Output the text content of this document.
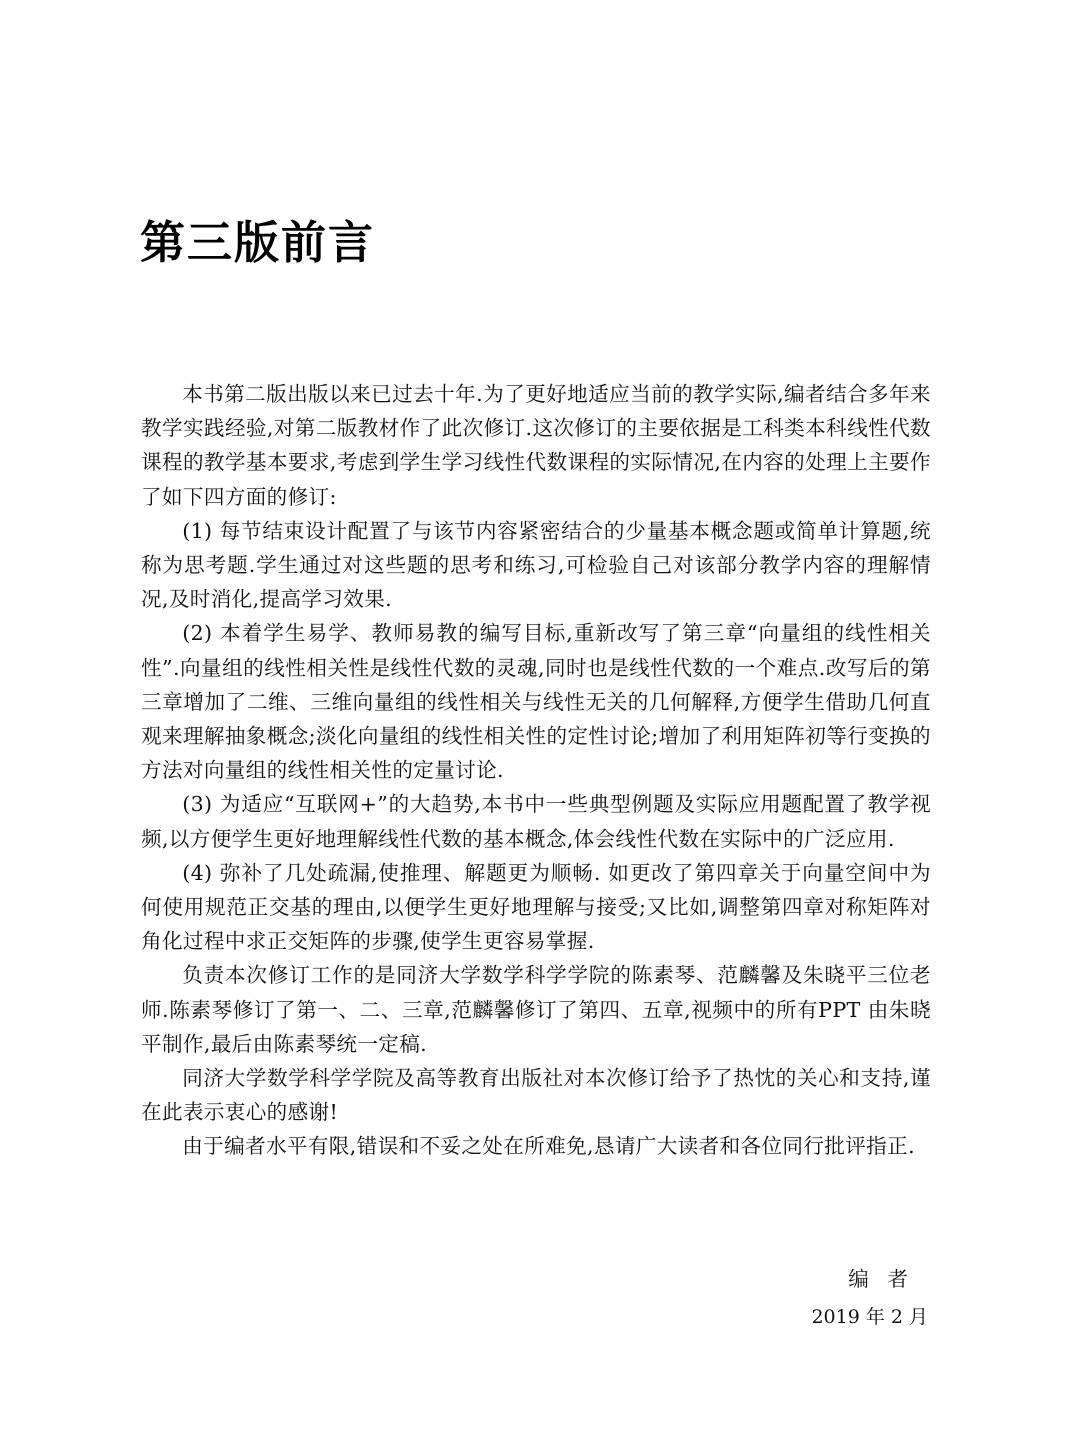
第三版前言

本书第二版出版以来已过去十年.为了更好地适应当前的教学实际,编者结合多年来教学实践经验,对第二版教材作了此次修订.这次修订的主要依据是工科类本科线性代数课程的教学基本要求,考虑到学生学习线性代数课程的实际情况,在内容的处理上主要作了如下四方面的修订:

(1) 每节结束设计配置了与该节内容紧密结合的少量基本概念题或简单计算题,统称为思考题.学生通过对这些题的思考和练习,可检验自己对该部分教学内容的理解情况,及时消化,提高学习效果.

(2) 本着学生易学、教师易教的编写目标,重新改写了第三章“向量组的线性相关性”.向量组的线性相关性是线性代数的灵魂,同时也是线性代数的一个难点.改写后的第三章增加了二维、三维向量组的线性相关与线性无关的几何解释,方便学生借助几何直观来理解抽象概念;淡化向量组的线性相关性的定性讨论;增加了利用矩阵初等行变换的方法对向量组的线性相关性的定量讨论.

(3) 为适应“互联网+”的大趋势,本书中一些典型例题及实际应用题配置了教学视频,以方便学生更好地理解线性代数的基本概念,体会线性代数在实际中的广泛应用.

(4) 弥补了几处疏漏,使推理、解题更为顺畅. 如更改了第四章关于向量空间中为何使用规范正交基的理由,以便学生更好地理解与接受;又比如,调整第四章对称矩阵对角化过程中求正交矩阵的步骤,使学生更容易掌握.

负责本次修订工作的是同济大学数学科学学院的陈素琴、范麟馨及朱晓平三位老师.陈素琴修订了第一、二、三章,范麟馨修订了第四、五章,视频中的所有PPT 由朱晓平制作,最后由陈素琴统一定稿.

同济大学数学科学学院及高等教育出版社对本次修订给予了热忱的关心和支持,谨在此表示衷心的感谢!

由于编者水平有限,错误和不妥之处在所难免,恳请广大读者和各位同行批评指正.

编者
2019 年 2 月
